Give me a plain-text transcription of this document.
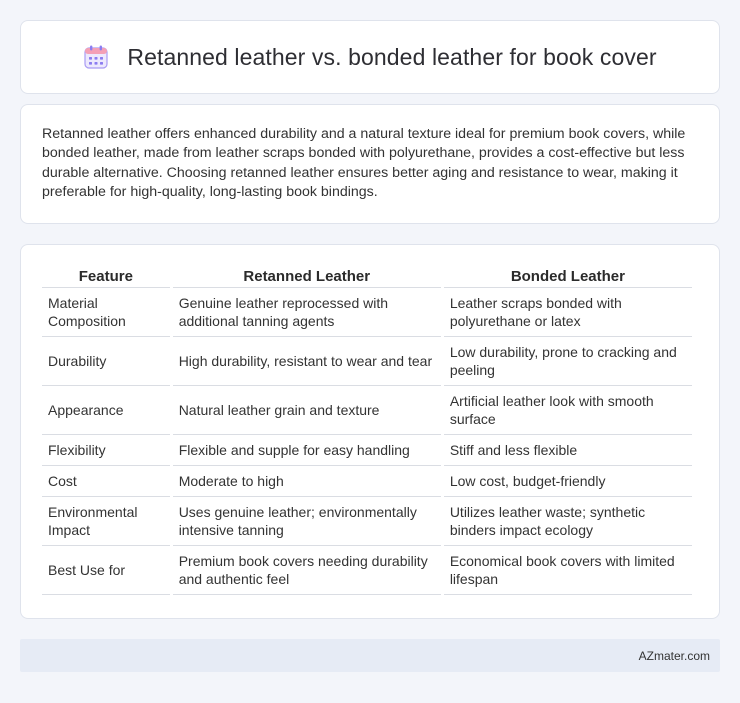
Retanned leather vs. bonded leather for book cover

Retanned leather offers enhanced durability and a natural texture ideal for premium book covers, while bonded leather, made from leather scraps bonded with polyurethane, provides a cost-effective but less durable alternative. Choosing retanned leather ensures better aging and resistance to wear, making it preferable for high-quality, long-lasting book bindings.

Feature	Retanned Leather	Bonded Leather
Material Composition	Genuine leather reprocessed with additional tanning agents	Leather scraps bonded with polyurethane or latex
Durability	High durability, resistant to wear and tear	Low durability, prone to cracking and peeling
Appearance	Natural leather grain and texture	Artificial leather look with smooth surface
Flexibility	Flexible and supple for easy handling	Stiff and less flexible
Cost	Moderate to high	Low cost, budget-friendly
Environmental Impact	Uses genuine leather; environmentally intensive tanning	Utilizes leather waste; synthetic binders impact ecology
Best Use for	Premium book covers needing durability and authentic feel	Economical book covers with limited lifespan
AZmater.com
